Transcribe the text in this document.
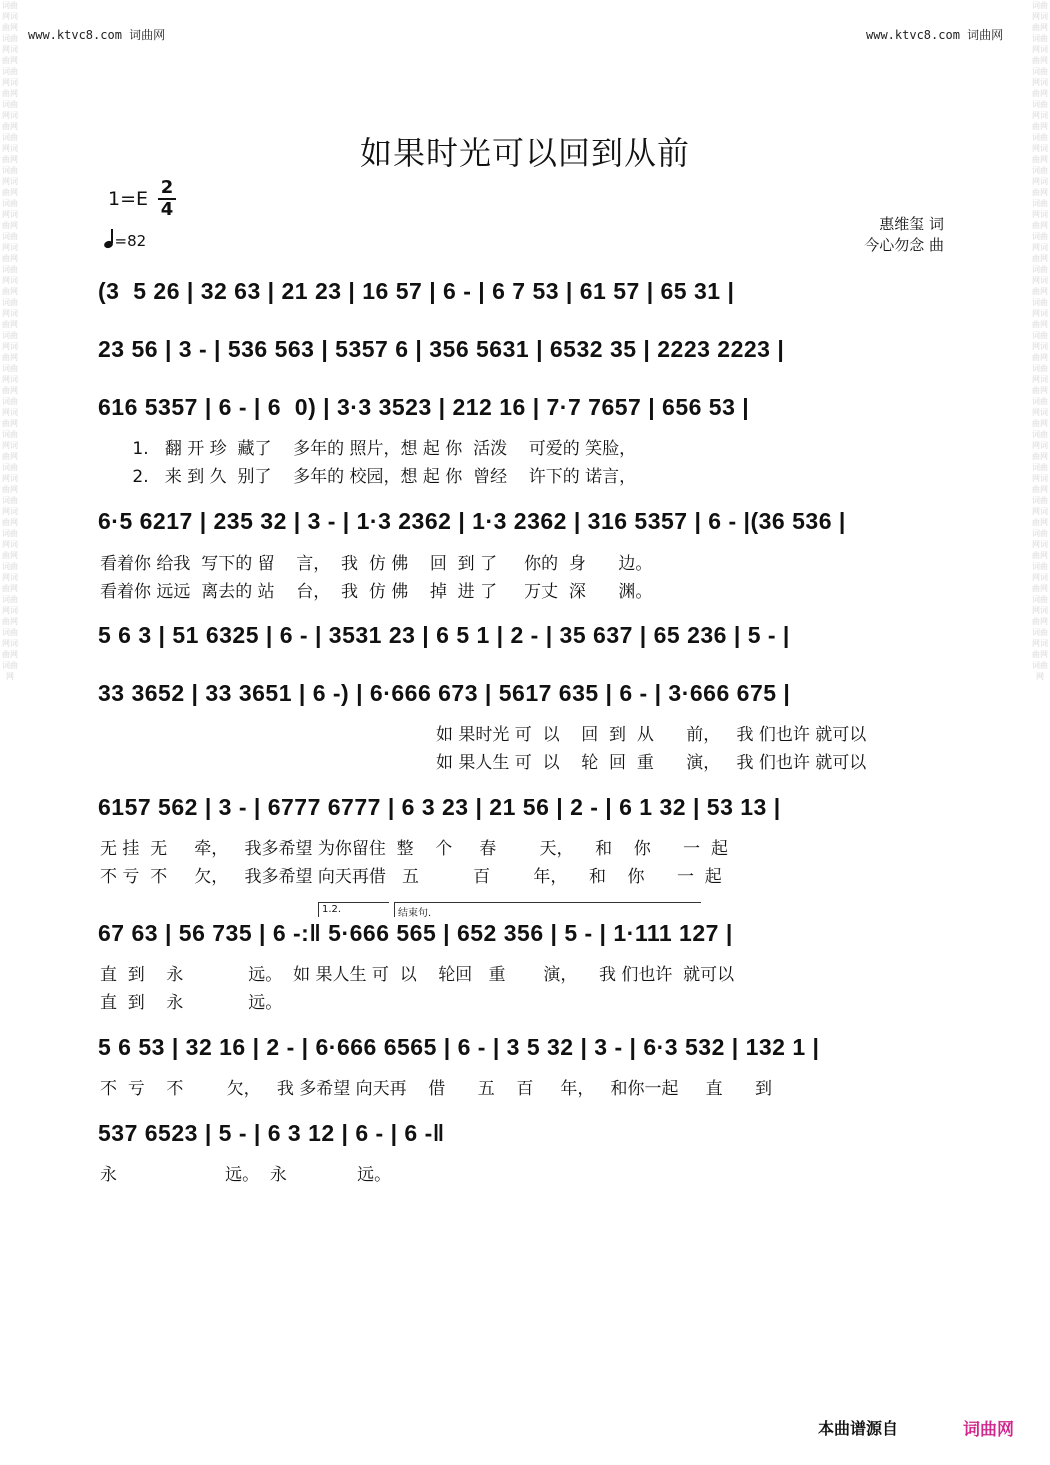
词曲网词曲网词曲网词曲网词曲网词曲网词曲网词曲网词曲网词曲网词曲网词曲网词曲网词曲网词曲网词曲网词曲网词曲网词曲网词曲网词曲网词曲网词曲网词曲网词曲网词曲网词曲网词曲网词曲网词曲网词曲网词曲网词曲网词曲网词曲网词曲网词曲网词曲网词曲网词曲网词曲网
词曲网词曲网词曲网词曲网词曲网词曲网词曲网词曲网词曲网词曲网词曲网词曲网词曲网词曲网词曲网词曲网词曲网词曲网词曲网词曲网词曲网词曲网词曲网词曲网词曲网词曲网词曲网词曲网词曲网词曲网词曲网词曲网词曲网词曲网词曲网词曲网词曲网词曲网词曲网词曲网词曲网
www.ktvc8.com 词曲网	www.ktvc8.com 词曲网
如果时光可以回到从前
1=E
2
4
=82
惠维玺 词
今心勿念 曲
(3  5 26 | 32 63 | 21 23 | 16 57 | 6 - | 6 7 53 | 61 57 | 65 31 |
23 56 | 3 - | 536 563 | 5357 6 | 356 5631 | 6532 35 | 2223 2223 |
616 5357 | 6 - | 6  0) | 3·3 3523 | 212 16 | 7·7 7657 | 656 53 |
1.   翻 开 珍  藏了    多年的 照片，想 起 你  活泼    可爱的 笑脸，
2.   来 到 久  别了    多年的 校园，想 起 你  曾经    许下的 诺言，
6·5 6217 | 235 32 | 3 - | 1·3 2362 | 1·3 2362 | 316 5357 | 6 - |(36 536 |
看着你 给我  写下的 留    言，  我  仿 佛    回  到 了     你的  身      边。
看着你 远远  离去的 站    台，  我  仿 佛    掉  进 了     万丈  深      渊。
5 6 3 | 51 6325 | 6 - | 3531 23 | 6 5 1 | 2 - | 35 637 | 65 236 | 5 - |
33 3652 | 33 3651 | 6 -) | 6·666 673 | 5617 635 | 6 - | 3·666 675 |
如 果时光 可  以    回  到  从      前，   我 们也许 就可以
如 果人生 可  以    轮  回  重      演，   我 们也许 就可以
6157 562 | 3 - | 6777 6777 | 6 3 23 | 21 56 | 2 - | 6 1 32 | 53 13 |
无 挂  无     牵，   我多希望 为你留住  整    个     春        天，    和    你      一  起
不 亏  不     欠，   我多希望 向天再借   五          百        年，    和    你      一  起
1.2.	结束句.
67 63 | 56 735 | 6 -:‖ 5·666 565 | 652 356 | 5 - | 1·111 127 |
直  到    永            远。  如 果人生 可  以    轮回   重       演，    我 们也许  就可以
直  到    永            远。
5 6 53 | 32 16 | 2 - | 6·666 6565 | 6 - | 3 5 32 | 3 - | 6·3 532 | 132 1 |
不  亏    不        欠，   我 多希望 向天再    借      五    百     年，   和你一起     直      到
537 6523 | 5 - | 6 3 12 | 6 - | 6 -‖
永                    远。  永             远。
本曲谱源自	词曲网
